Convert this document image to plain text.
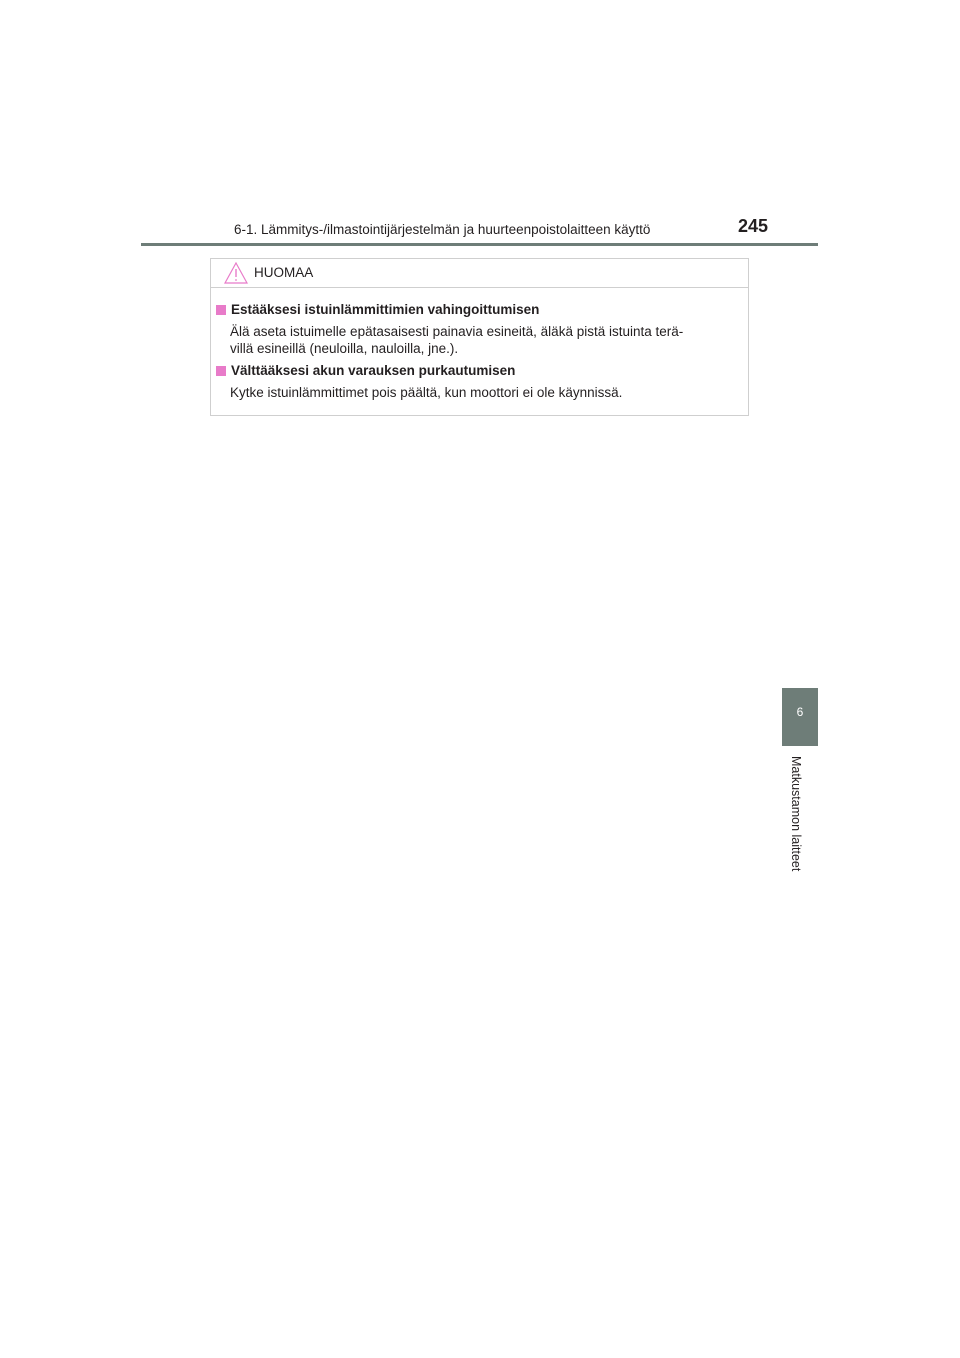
6-1. Lämmitys-/ilmastointijärjestelmän ja huurteenpoistolaitteen käyttö	245
HUOMAA
Estääksesi istuinlämmittimien vahingoittumisen
Älä aseta istuimelle epätasaisesti painavia esineitä, äläkä pistä istuinta terä-
villä esineillä (neuloilla, nauloilla, jne.).
Välttääksesi akun varauksen purkautumisen
Kytke istuinlämmittimet pois päältä, kun moottori ei ole käynnissä.
6
Matkustamon laitteet
